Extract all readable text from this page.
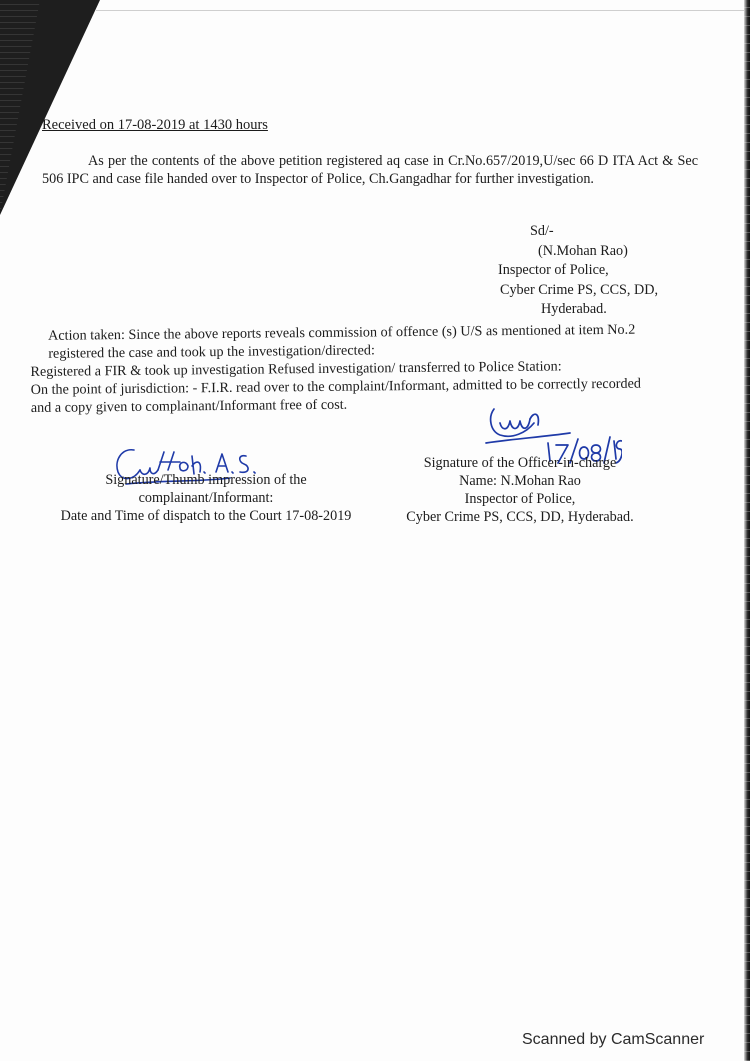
Received on 17-08-2019 at 1430 hours
As per the contents of the above petition registered aq case in Cr.No.657/2019,U/sec 66 D ITA Act & Sec 506 IPC and case file handed over to Inspector of Police, Ch.Gangadhar for further investigation.
Sd/-
(N.Mohan Rao)
Inspector of Police,
Cyber Crime PS, CCS, DD,
Hyderabad.
Action taken: Since the above reports reveals commission of offence (s) U/S as mentioned at item No.2
registered the case and took up the investigation/directed:
Registered a FIR & took up investigation Refused investigation/ transferred to Police Station:
On the point of jurisdiction: - F.I.R. read over to the complaint/Informant, admitted to be correctly recorded
and a copy given to complainant/Informant free of cost.
Signature/Thumb impression of the
complainant/Informant:
Date and Time of dispatch to the Court 17-08-2019
Signature of the Officer-in-charge
Name: N.Mohan Rao
Inspector of Police,
Cyber Crime PS, CCS, DD, Hyderabad.
Scanned by CamScanner
